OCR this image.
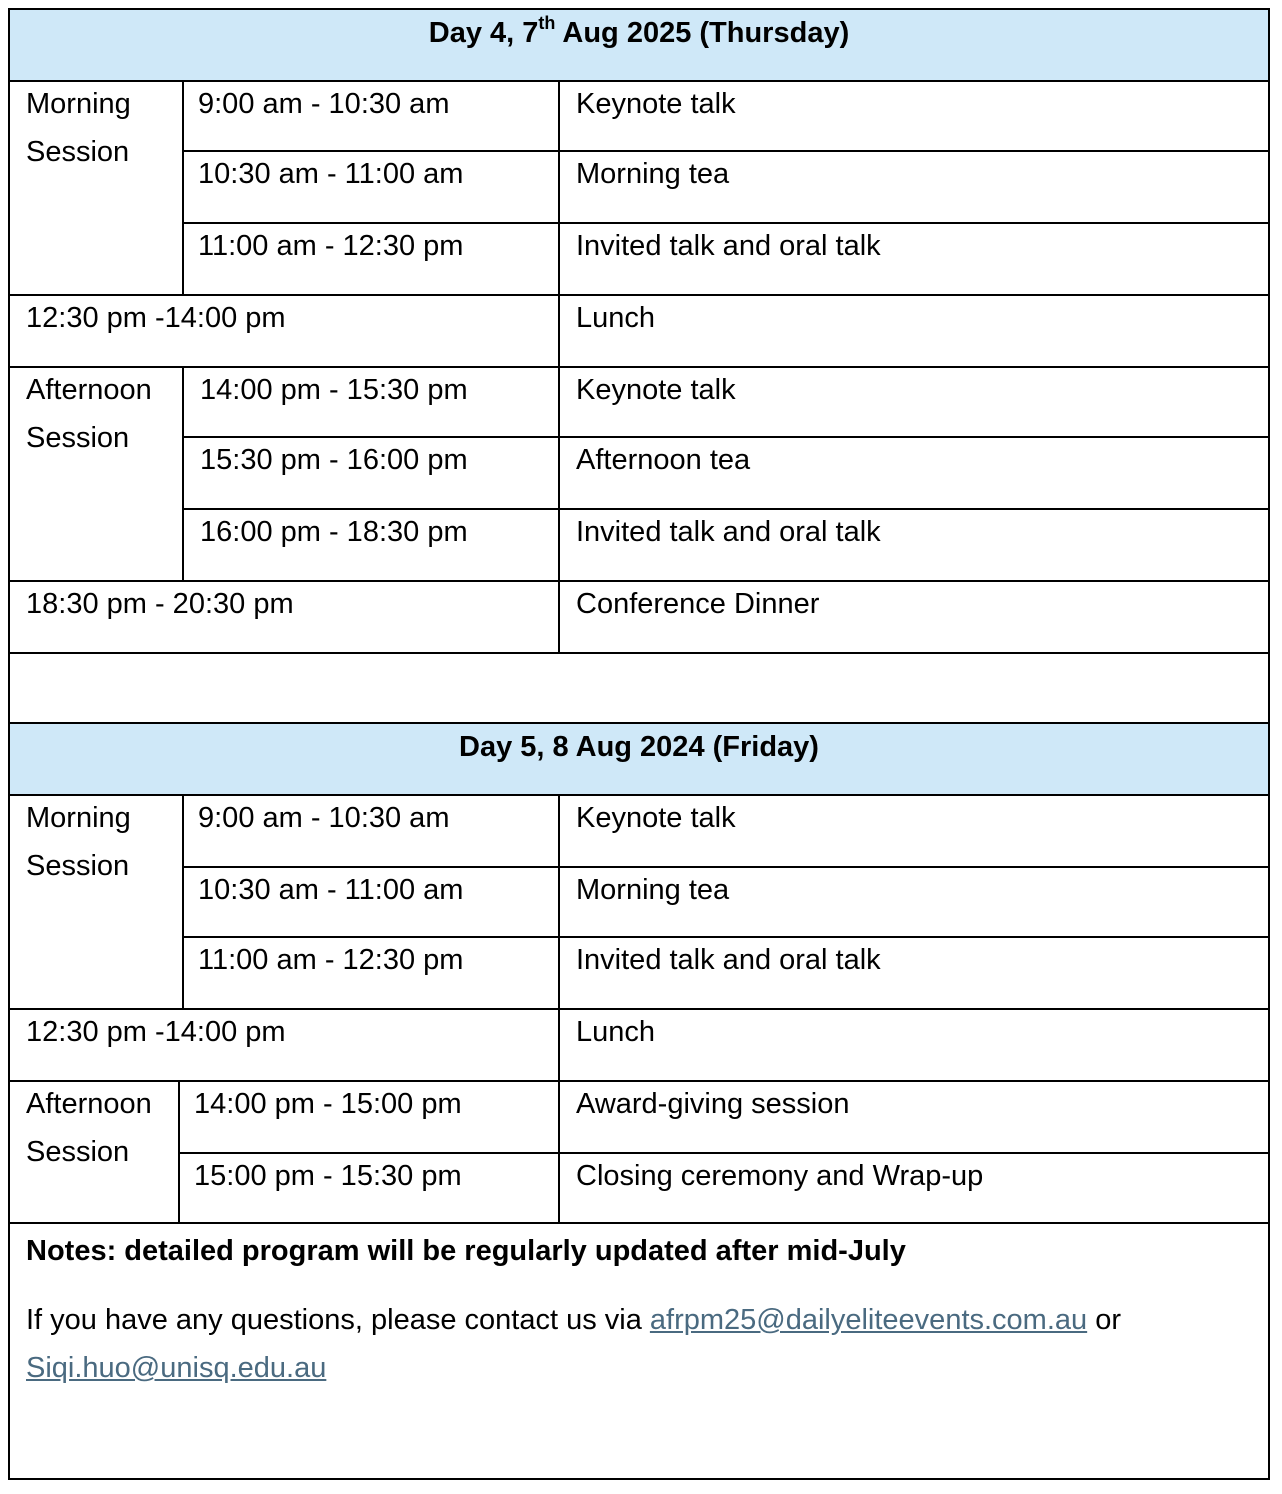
Day 4, 7th Aug 2025 (Thursday)
Morning
Session
9:00 am - 10:30 am	Keynote talk
10:30 am - 11:00 am	Morning tea
11:00 am - 12:30 pm	Invited talk and oral talk
12:30 pm -14:00 pm	Lunch
Afternoon
Session
14:00 pm - 15:30 pm	Keynote talk
15:30 pm - 16:00 pm	Afternoon tea
16:00 pm - 18:30 pm	Invited talk and oral talk
18:30 pm - 20:30 pm	Conference Dinner
Day 5, 8 Aug 2024 (Friday)
Morning
Session
9:00 am - 10:30 am	Keynote talk
10:30 am - 11:00 am	Morning tea
11:00 am - 12:30 pm	Invited talk and oral talk
12:30 pm -14:00 pm	Lunch
Afternoon
Session
14:00 pm - 15:00 pm	Award-giving session
15:00 pm - 15:30 pm	Closing ceremony and Wrap-up
Notes: detailed program will be regularly updated after mid-July
If you have any questions, please contact us via afrpm25@dailyeliteevents.com.au or
Siqi.huo@unisq.edu.au
